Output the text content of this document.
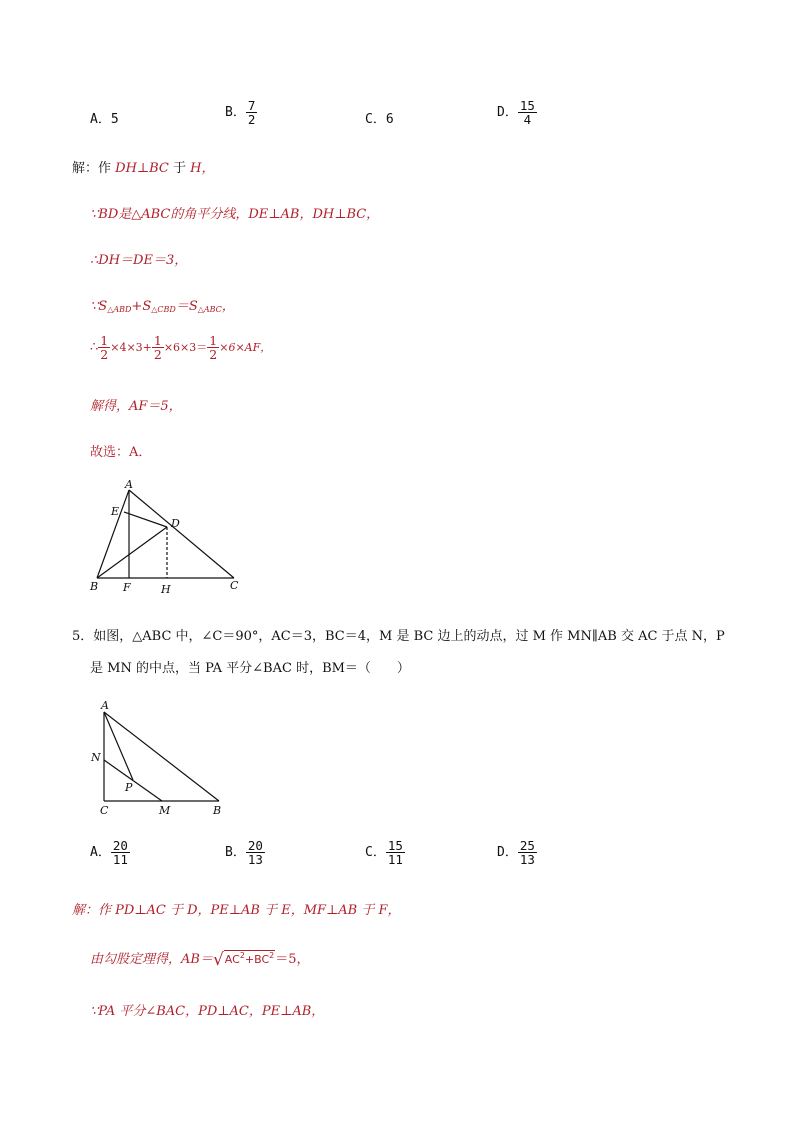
A．5	B． $\frac{7}{2}$	C．6	D． $\frac{15}{4}$
解：作 DH⊥BC 于 H，
∵BD是△ABC的角平分线，DE⊥AB，DH⊥BC，
∴DH＝DE＝3，
$\because S_{\triangle ABD}+S_{\triangle CBD}=S_{\triangle ABC}$，
∴ $\frac{1}{2} \times 4\times 3+ \frac{1}{2} \times 6\times 3= \frac{1}{2} \times 6\times AF$，
解得，AF＝5，
故选：A．
A
E
D
B F	H	C
5．如图，△ABC 中，∠C＝90°，AC＝3，BC＝4，M 是 BC 边上的动点，过 M 作 MN∥AB 交 AC 于点 N，P
是 MN 的中点，当 PA 平分∠BAC 时，BM＝（　　）
A
N
P
C	M	B
A． $\frac{20}{11}$	B． $\frac{20}{13}$	C． $\frac{15}{11}$	D． $\frac{25}{13}$
解：作 PD⊥AC 于 D，PE⊥AB 于 E，MF⊥AB 于 F，
由勾股定理得，$AB=√AC^2+BC^2=5$，
∵PA 平分∠BAC，PD⊥AC，PE⊥AB，
